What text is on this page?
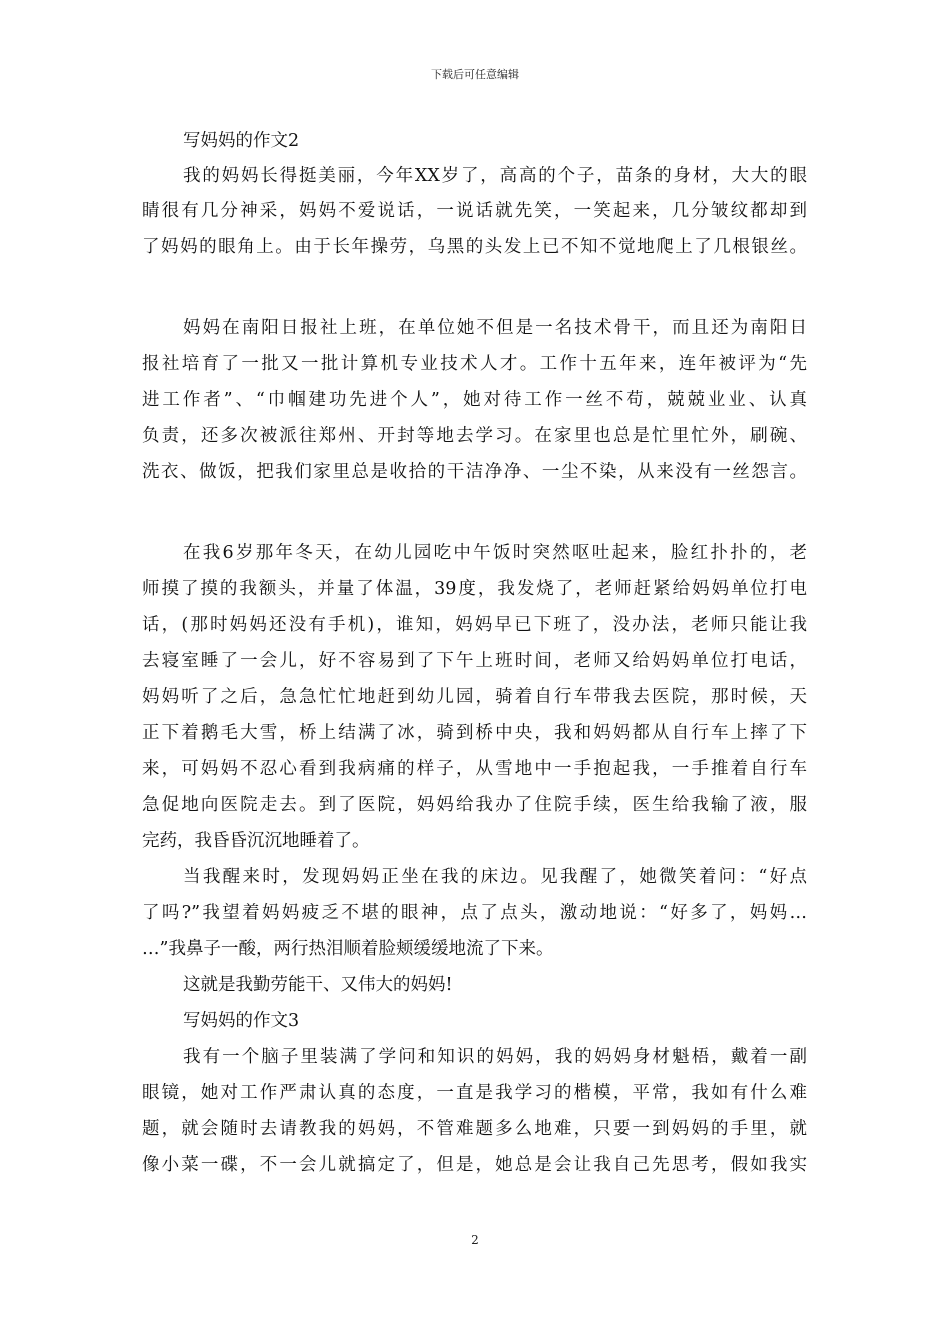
下载后可任意编辑
写妈妈的作文2
我的妈妈长得挺美丽，今年XX岁了，高高的个子，苗条的身材，大大的眼
睛很有几分神采，妈妈不爱说话，一说话就先笑，一笑起来，几分皱纹都却到
了妈妈的眼角上。由于长年操劳，乌黑的头发上已不知不觉地爬上了几根银丝。
妈妈在南阳日报社上班，在单位她不但是一名技术骨干，而且还为南阳日
报社培育了一批又一批计算机专业技术人才。工作十五年来，连年被评为“先
进工作者”、“巾帼建功先进个人”，她对待工作一丝不苟，兢兢业业、认真
负责，还多次被派往郑州、开封等地去学习。在家里也总是忙里忙外，刷碗、
洗衣、做饭，把我们家里总是收拾的干洁净净、一尘不染，从来没有一丝怨言。
在我6岁那年冬天，在幼儿园吃中午饭时突然呕吐起来，脸红扑扑的，老
师摸了摸的我额头，并量了体温，39度，我发烧了，老师赶紧给妈妈单位打电
话，(那时妈妈还没有手机)，谁知，妈妈早已下班了，没办法，老师只能让我
去寝室睡了一会儿，好不容易到了下午上班时间，老师又给妈妈单位打电话，
妈妈听了之后，急急忙忙地赶到幼儿园，骑着自行车带我去医院，那时候，天
正下着鹅毛大雪，桥上结满了冰，骑到桥中央，我和妈妈都从自行车上摔了下
来，可妈妈不忍心看到我病痛的样子，从雪地中一手抱起我，一手推着自行车
急促地向医院走去。到了医院，妈妈给我办了住院手续，医生给我输了液，服
完药，我昏昏沉沉地睡着了。
当我醒来时，发现妈妈正坐在我的床边。见我醒了，她微笑着问：“好点
了吗?”我望着妈妈疲乏不堪的眼神，点了点头，激动地说：“好多了，妈妈…
…”我鼻子一酸，两行热泪顺着脸颊缓缓地流了下来。
这就是我勤劳能干、又伟大的妈妈!
写妈妈的作文3
我有一个脑子里装满了学问和知识的妈妈，我的妈妈身材魁梧，戴着一副
眼镜，她对工作严肃认真的态度，一直是我学习的楷模，平常，我如有什么难
题，就会随时去请教我的妈妈，不管难题多么地难，只要一到妈妈的手里，就
像小菜一碟，不一会儿就搞定了，但是，她总是会让我自己先思考，假如我实
2
